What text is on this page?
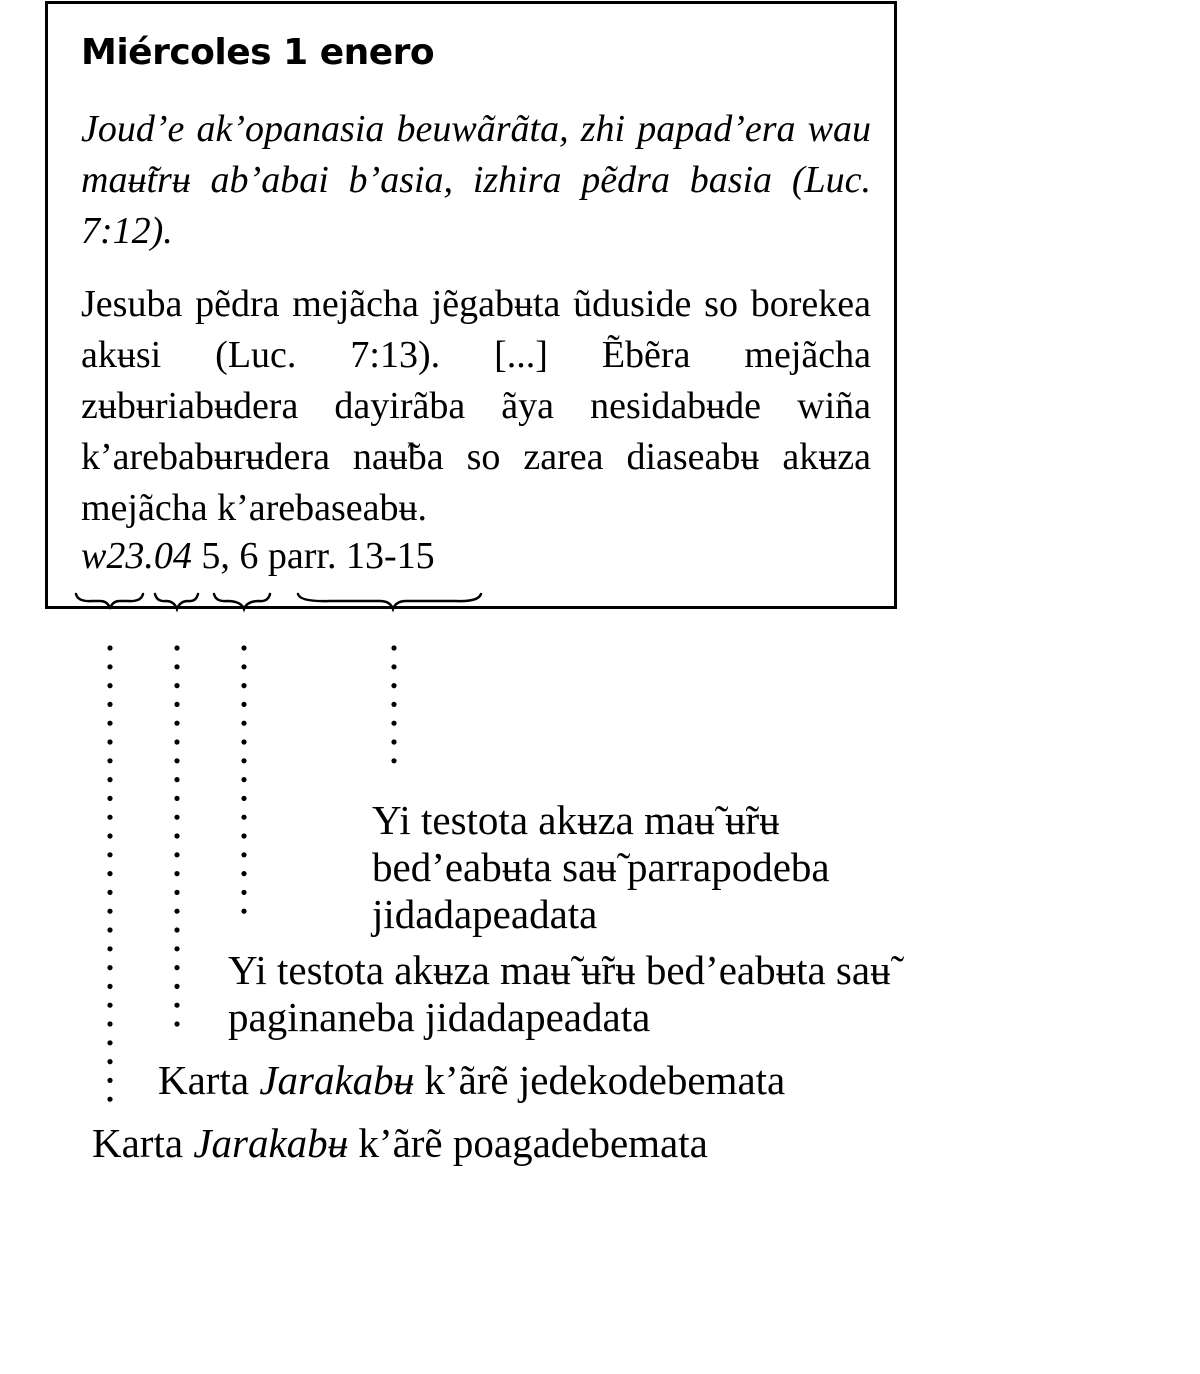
Miércoles 1 enero
Joud’e ak’opanasia beuwãrãta, zhi papad’era wau maʉ̃trʉ ab’abai b’asia, izhira pẽdra basia (Luc. 7:12).
Jesuba pẽdra mejãcha jẽgabʉta ũduside so borekea akʉsi (Luc. 7:13). [...] Ẽbẽra mejãcha zʉbʉriabʉdera dayirãba ãya nesidabʉde wiña k’arebabʉrʉdera naʉ̃ba so zarea diaseabʉ akʉza mejãcha k’arebaseabʉ.
w23.04 5, 6 parr. 13-15
Yi testota akʉza maʉ̃ ʉ̃rʉ bed’eabʉta saʉ̃ parrapodeba jidadapeadata
Yi testota akʉza maʉ̃ ʉ̃rʉ bed’eabʉta saʉ̃ paginaneba jidadapeadata
Karta Jarakabʉ k’ãrẽ jedekodebemata
Karta Jarakabʉ k’ãrẽ poagadebemata
